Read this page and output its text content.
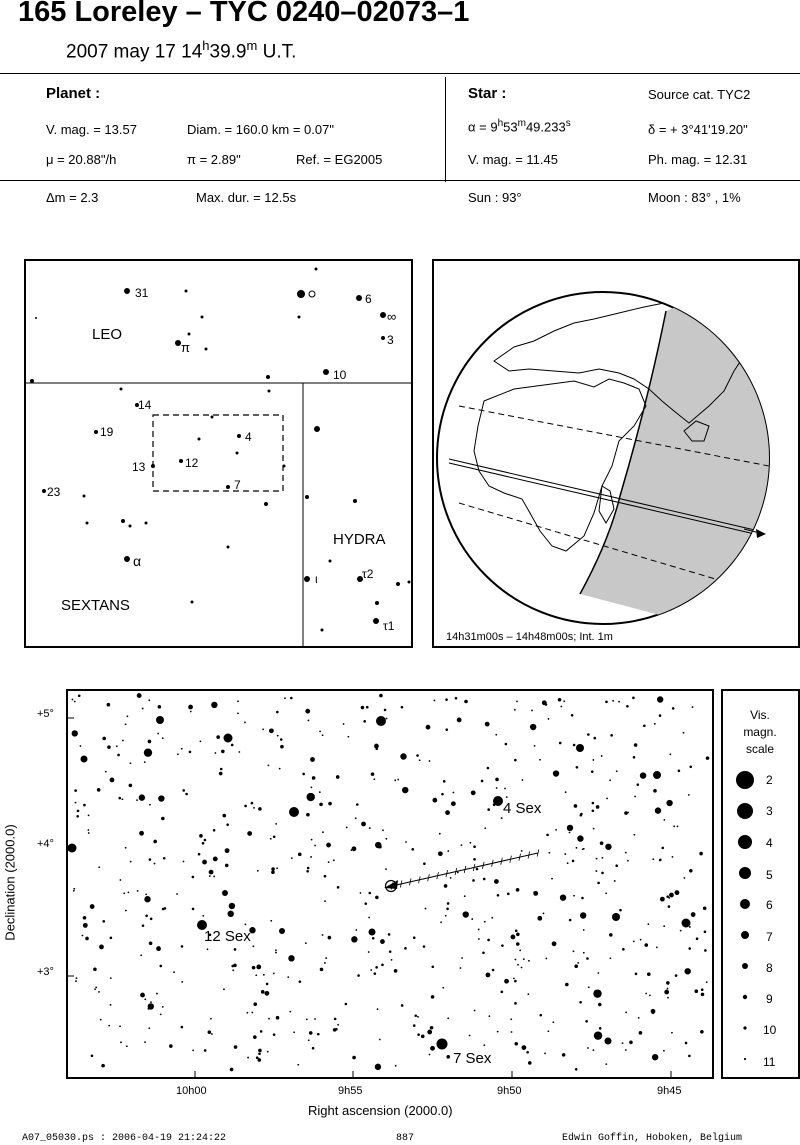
165 Loreley – TYC 0240–02073–1
2007 may 17 14$^h$39.9$^m$ U.T.
Planet :
V. mag. = 13.57	Diam. = 160.0 km = 0.07"
μ = 20.88"/h	π = 2.89"	Ref. = EG2005
Δm = 2.3	Max. dur. = 12.5s
Star :	Source cat. TYC2
$\alpha = 9^h53^m49.233^s$	δ = + 3°41'19.20"
V. mag. = 11.45	Ph. mag. = 12.31
Sun : 93°	Moon : 83° , 1%
LEO
SEXTANS
HYDRA
31	6
∞
3
10
π
14
19
13	12
4
7
23
α
ι	τ2
τ1
14h31m00s – 14h48m00s; Int. 1m
4 Sex
12 Sex
7 Sex
+5°
+4°
+3°
10h00	9h55	9h50	9h45
Right ascension (2000.0)
Declination (2000.0)
Vis.
magn.
scale
2
3
4
5
6
7
8
9
10
11
A07_05030.ps : 2006-04-19 21:24:22	887	Edwin Goffin, Hoboken, Belgium
